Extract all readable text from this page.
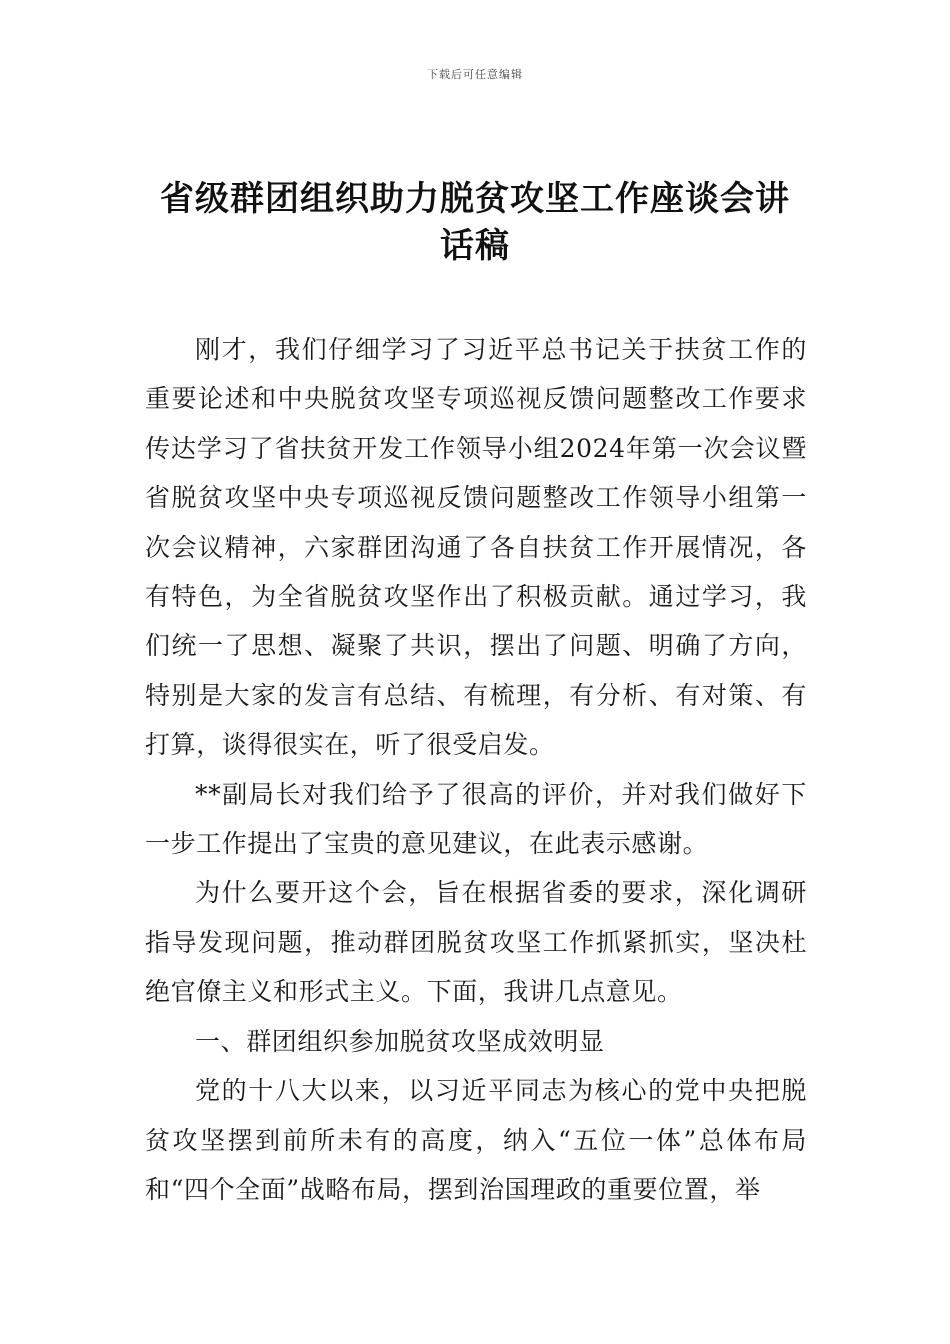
下载后可任意编辑
省级群团组织助力脱贫攻坚工作座谈会讲话稿

刚才，我们仔细学习了习近平总书记关于扶贫工作的重要论述和中央脱贫攻坚专项巡视反馈问题整改工作要求传达学习了省扶贫开发工作领导小组2024年第一次会议暨省脱贫攻坚中央专项巡视反馈问题整改工作领导小组第一次会议精神，六家群团沟通了各自扶贫工作开展情况，各有特色，为全省脱贫攻坚作出了积极贡献。通过学习，我们统一了思想、凝聚了共识，摆出了问题、明确了方向，特别是大家的发言有总结、有梳理，有分析、有对策、有打算，谈得很实在，听了很受启发。

**副局长对我们给予了很高的评价，并对我们做好下一步工作提出了宝贵的意见建议，在此表示感谢。

为什么要开这个会，旨在根据省委的要求，深化调研指导发现问题，推动群团脱贫攻坚工作抓紧抓实，坚决杜绝官僚主义和形式主义。下面，我讲几点意见。

一、群团组织参加脱贫攻坚成效明显

党的十八大以来，以习近平同志为核心的党中央把脱贫攻坚摆到前所未有的高度，纳入“五位一体”总体布局和“四个全面”战略布局，摆到治国理政的重要位置，举
